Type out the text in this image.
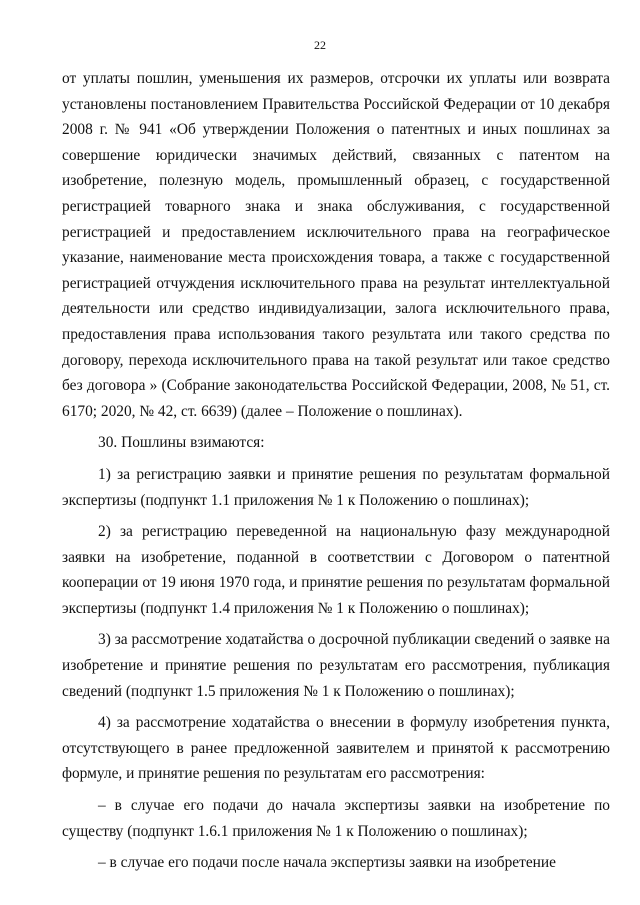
22

от уплаты пошлин, уменьшения их размеров, отсрочки их уплаты или возврата установлены постановлением Правительства Российской Федерации от 10 декабря 2008 г. № 941 «Об утверждении Положения о патентных и иных пошлинах за совершение юридически значимых действий, связанных с патентом на изобретение, полезную модель, промышленный образец, с государственной регистрацией товарного знака и знака обслуживания, с государственной регистрацией и предоставлением исключительного права на географическое указание, наименование места происхождения товара, а также с государственной регистрацией отчуждения исключительного права на результат интеллектуальной деятельности или средство индивидуализации, залога исключительного права, предоставления права использования такого результата или такого средства по договору, перехода исключительного права на такой результат или такое средство без договора » (Собрание законодательства Российской Федерации, 2008, № 51, ст. 6170; 2020, № 42, ст. 6639) (далее – Положение о пошлинах).

30. Пошлины взимаются:

1) за регистрацию заявки и принятие решения по результатам формальной экспертизы (подпункт 1.1 приложения № 1 к Положению о пошлинах);

2) за регистрацию переведенной на национальную фазу международной заявки на изобретение, поданной в соответствии с Договором о патентной кооперации от 19 июня 1970 года, и принятие решения по результатам формальной экспертизы (подпункт 1.4 приложения № 1 к Положению о пошлинах);

3) за рассмотрение ходатайства о досрочной публикации сведений о заявке на изобретение и принятие решения по результатам его рассмотрения, публикация сведений (подпункт 1.5 приложения № 1 к Положению о пошлинах);

4) за рассмотрение ходатайства о внесении в формулу изобретения пункта, отсутствующего в ранее предложенной заявителем и принятой к рассмотрению формуле, и принятие решения по результатам его рассмотрения:

– в случае его подачи до начала экспертизы заявки на изобретение по существу (подпункт 1.6.1 приложения № 1 к Положению о пошлинах);

– в случае его подачи после начала экспертизы заявки на изобретение
